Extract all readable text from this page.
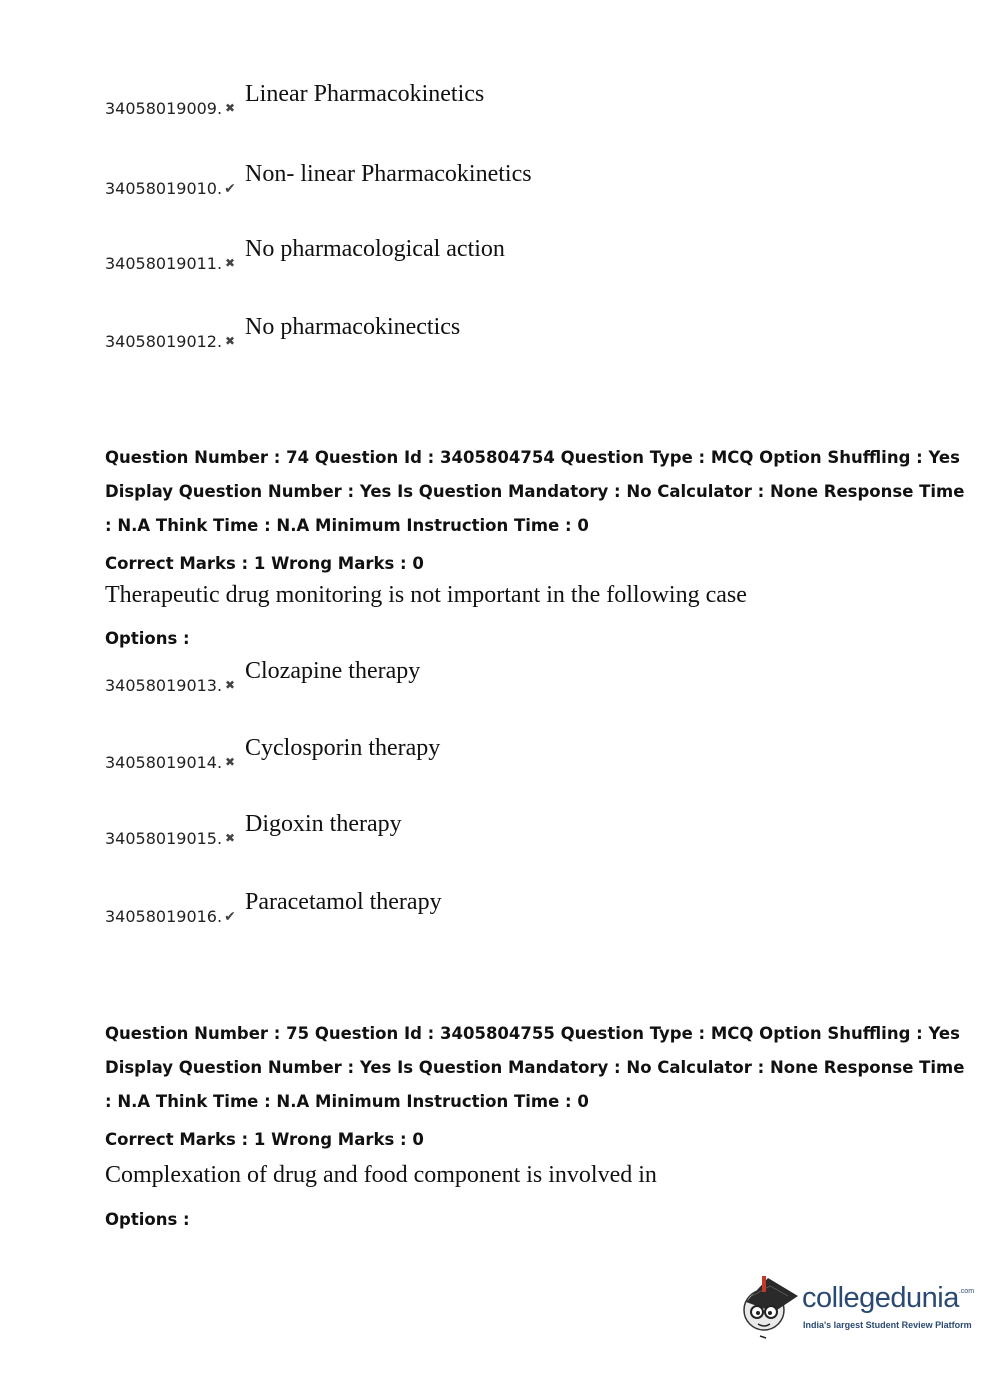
34058019009. ✖
Linear Pharmacokinetics
34058019010. ✔
Non- linear Pharmacokinetics
34058019011. ✖
No pharmacological action
34058019012. ✖
No pharmacokinectics
Question Number : 74 Question Id : 3405804754 Question Type : MCQ Option Shuffling : Yes
Display Question Number : Yes Is Question Mandatory : No Calculator : None Response Time
: N.A Think Time : N.A Minimum Instruction Time : 0
Correct Marks : 1 Wrong Marks : 0
Therapeutic drug monitoring is not important in the following case
Options :
34058019013. ✖
Clozapine therapy
34058019014. ✖
Cyclosporin therapy
34058019015. ✖
Digoxin therapy
34058019016. ✔
Paracetamol therapy
Question Number : 75 Question Id : 3405804755 Question Type : MCQ Option Shuffling : Yes
Display Question Number : Yes Is Question Mandatory : No Calculator : None Response Time
: N.A Think Time : N.A Minimum Instruction Time : 0
Correct Marks : 1 Wrong Marks : 0
Complexation of drug and food component is involved in
Options :
collegedunia$^{.com}$
India's largest Student Review Platform
